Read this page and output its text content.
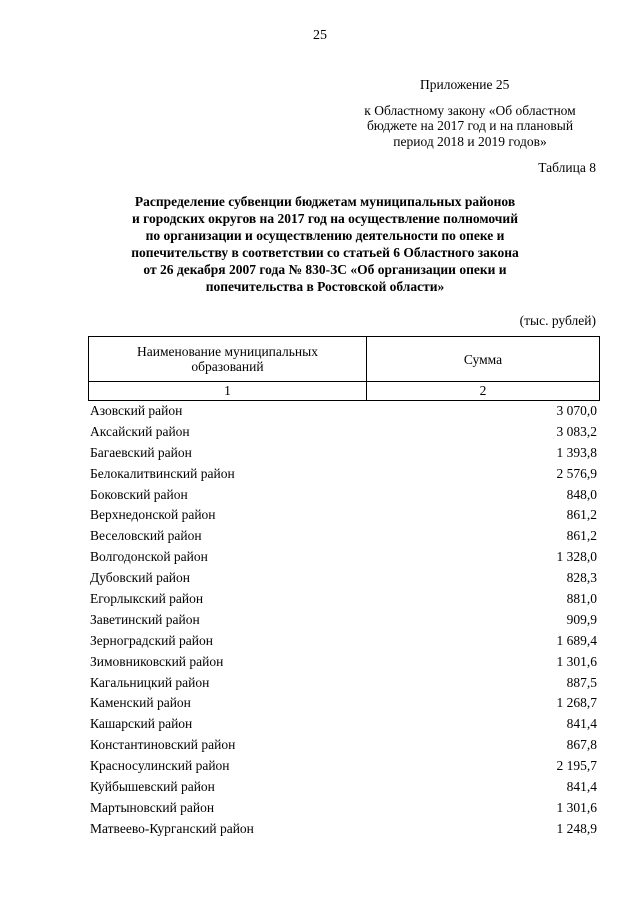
25
Приложение 25
к Областному закону «Об областном
бюджете на 2017 год и на плановый
период 2018 и 2019 годов»
Таблица 8
Распределение субвенции бюджетам муниципальных районов
и городских округов на 2017 год на осуществление полномочий
по организации и осуществлению деятельности по опеке и
попечительству в соответствии со статьей 6 Областного закона
от 26 декабря 2007 года № 830-ЗС «Об организации опеки и
попечительства в Ростовской области»
(тыс. рублей)
Наименование муниципальных
образований	Сумма
1	2
Азовский район	3 070,0
Аксайский район	3 083,2
Багаевский район	1 393,8
Белокалитвинский район	2 576,9
Боковский район	848,0
Верхнедонской район	861,2
Веселовский район	861,2
Волгодонской район	1 328,0
Дубовский район	828,3
Егорлыкский район	881,0
Заветинский район	909,9
Зерноградский район	1 689,4
Зимовниковский район	1 301,6
Кагальницкий район	887,5
Каменский район	1 268,7
Кашарский район	841,4
Константиновский район	867,8
Красносулинский район	2 195,7
Куйбышевский район	841,4
Мартыновский район	1 301,6
Матвеево-Курганский район	1 248,9
